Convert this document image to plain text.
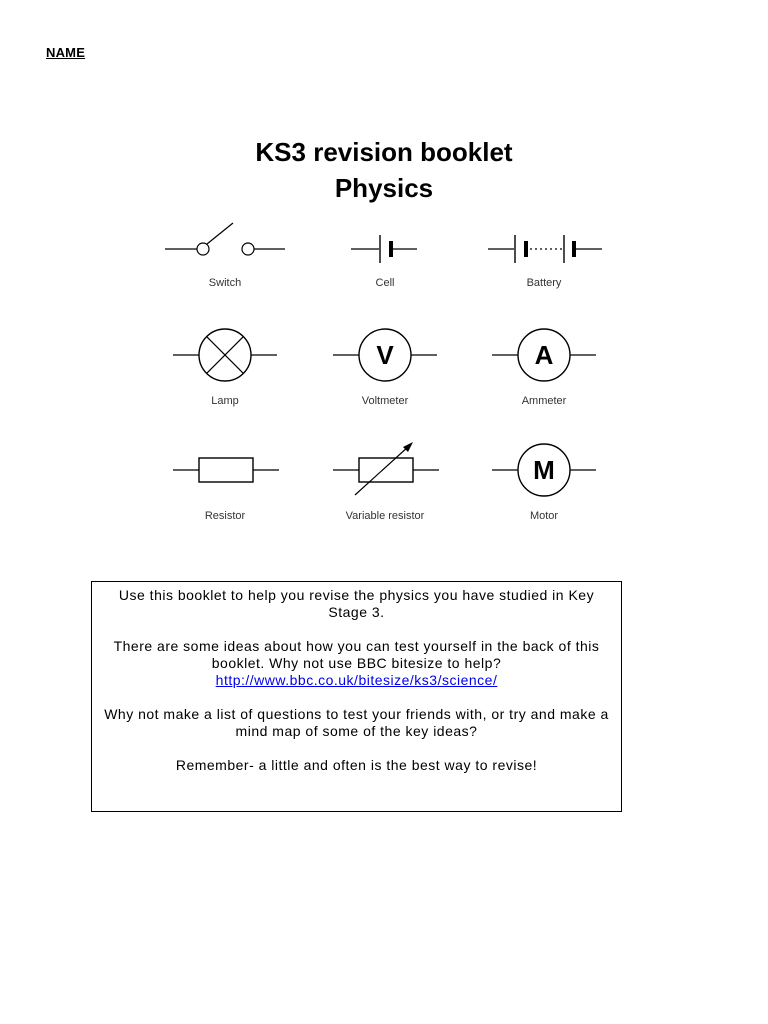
NAME
KS3 revision booklet
Physics
Switch	Cell	Battery
Lamp
V
Voltmeter
A
Ammeter
Resistor	Variable resistor
M
Motor

Use this booklet to help you revise the physics you have studied in Key Stage 3.

There are some ideas about how you can test yourself in the back of this booklet. Why not use BBC bitesize to help?
http://www.bbc.co.uk/bitesize/ks3/science/

Why not make a list of questions to test your friends with, or try and make a mind map of some of the key ideas?

Remember- a little and often is the best way to revise!
